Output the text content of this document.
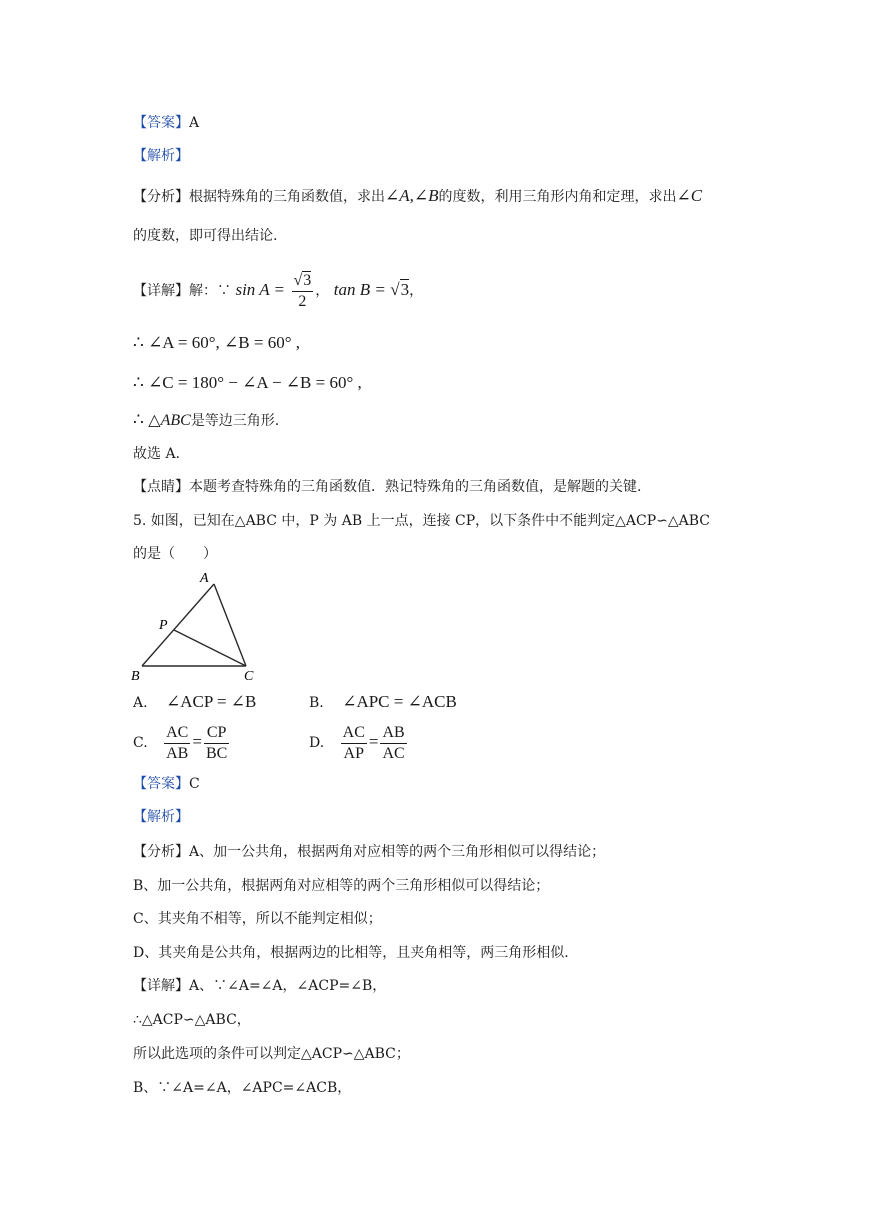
【答案】A
【解析】
【分析】根据特殊角的三角函数值，求出∠A,∠B的度数，利用三角形内角和定理，求出∠C
的度数，即可得出结论.
【详解】解：∵ $\sin A = \frac{√3}{2}$ ， tan B = √3，
∴ ∠A = 60°, ∠B = 60° ,
∴ ∠C = 180° − ∠A − ∠B = 60° ,
∴ △ABC是等边三角形.
故选 A.
【点睛】本题考查特殊角的三角函数值．熟记特殊角的三角函数值，是解题的关键.
5. 如图，已知在△ABC 中，P 为 AB 上一点，连接 CP，以下条件中不能判定△ACP∽△ABC
的是（　　）
A
B	C
P
A. ∠ACP = ∠B	B. ∠APC = ∠ACB
C. $\frac{AC}{AB} = \frac{CP}{BC}$	D. $\frac{AC}{AP} = \frac{AB}{AC}$
【答案】C
【解析】
【分析】A、加一公共角，根据两角对应相等的两个三角形相似可以得结论；
B、加一公共角，根据两角对应相等的两个三角形相似可以得结论；
C、其夹角不相等，所以不能判定相似；
D、其夹角是公共角，根据两边的比相等，且夹角相等，两三角形相似.
【详解】A、∵∠A=∠A，∠ACP=∠B，
∴△ACP∽△ABC，
所以此选项的条件可以判定△ACP∽△ABC；
B、∵∠A=∠A，∠APC=∠ACB，
